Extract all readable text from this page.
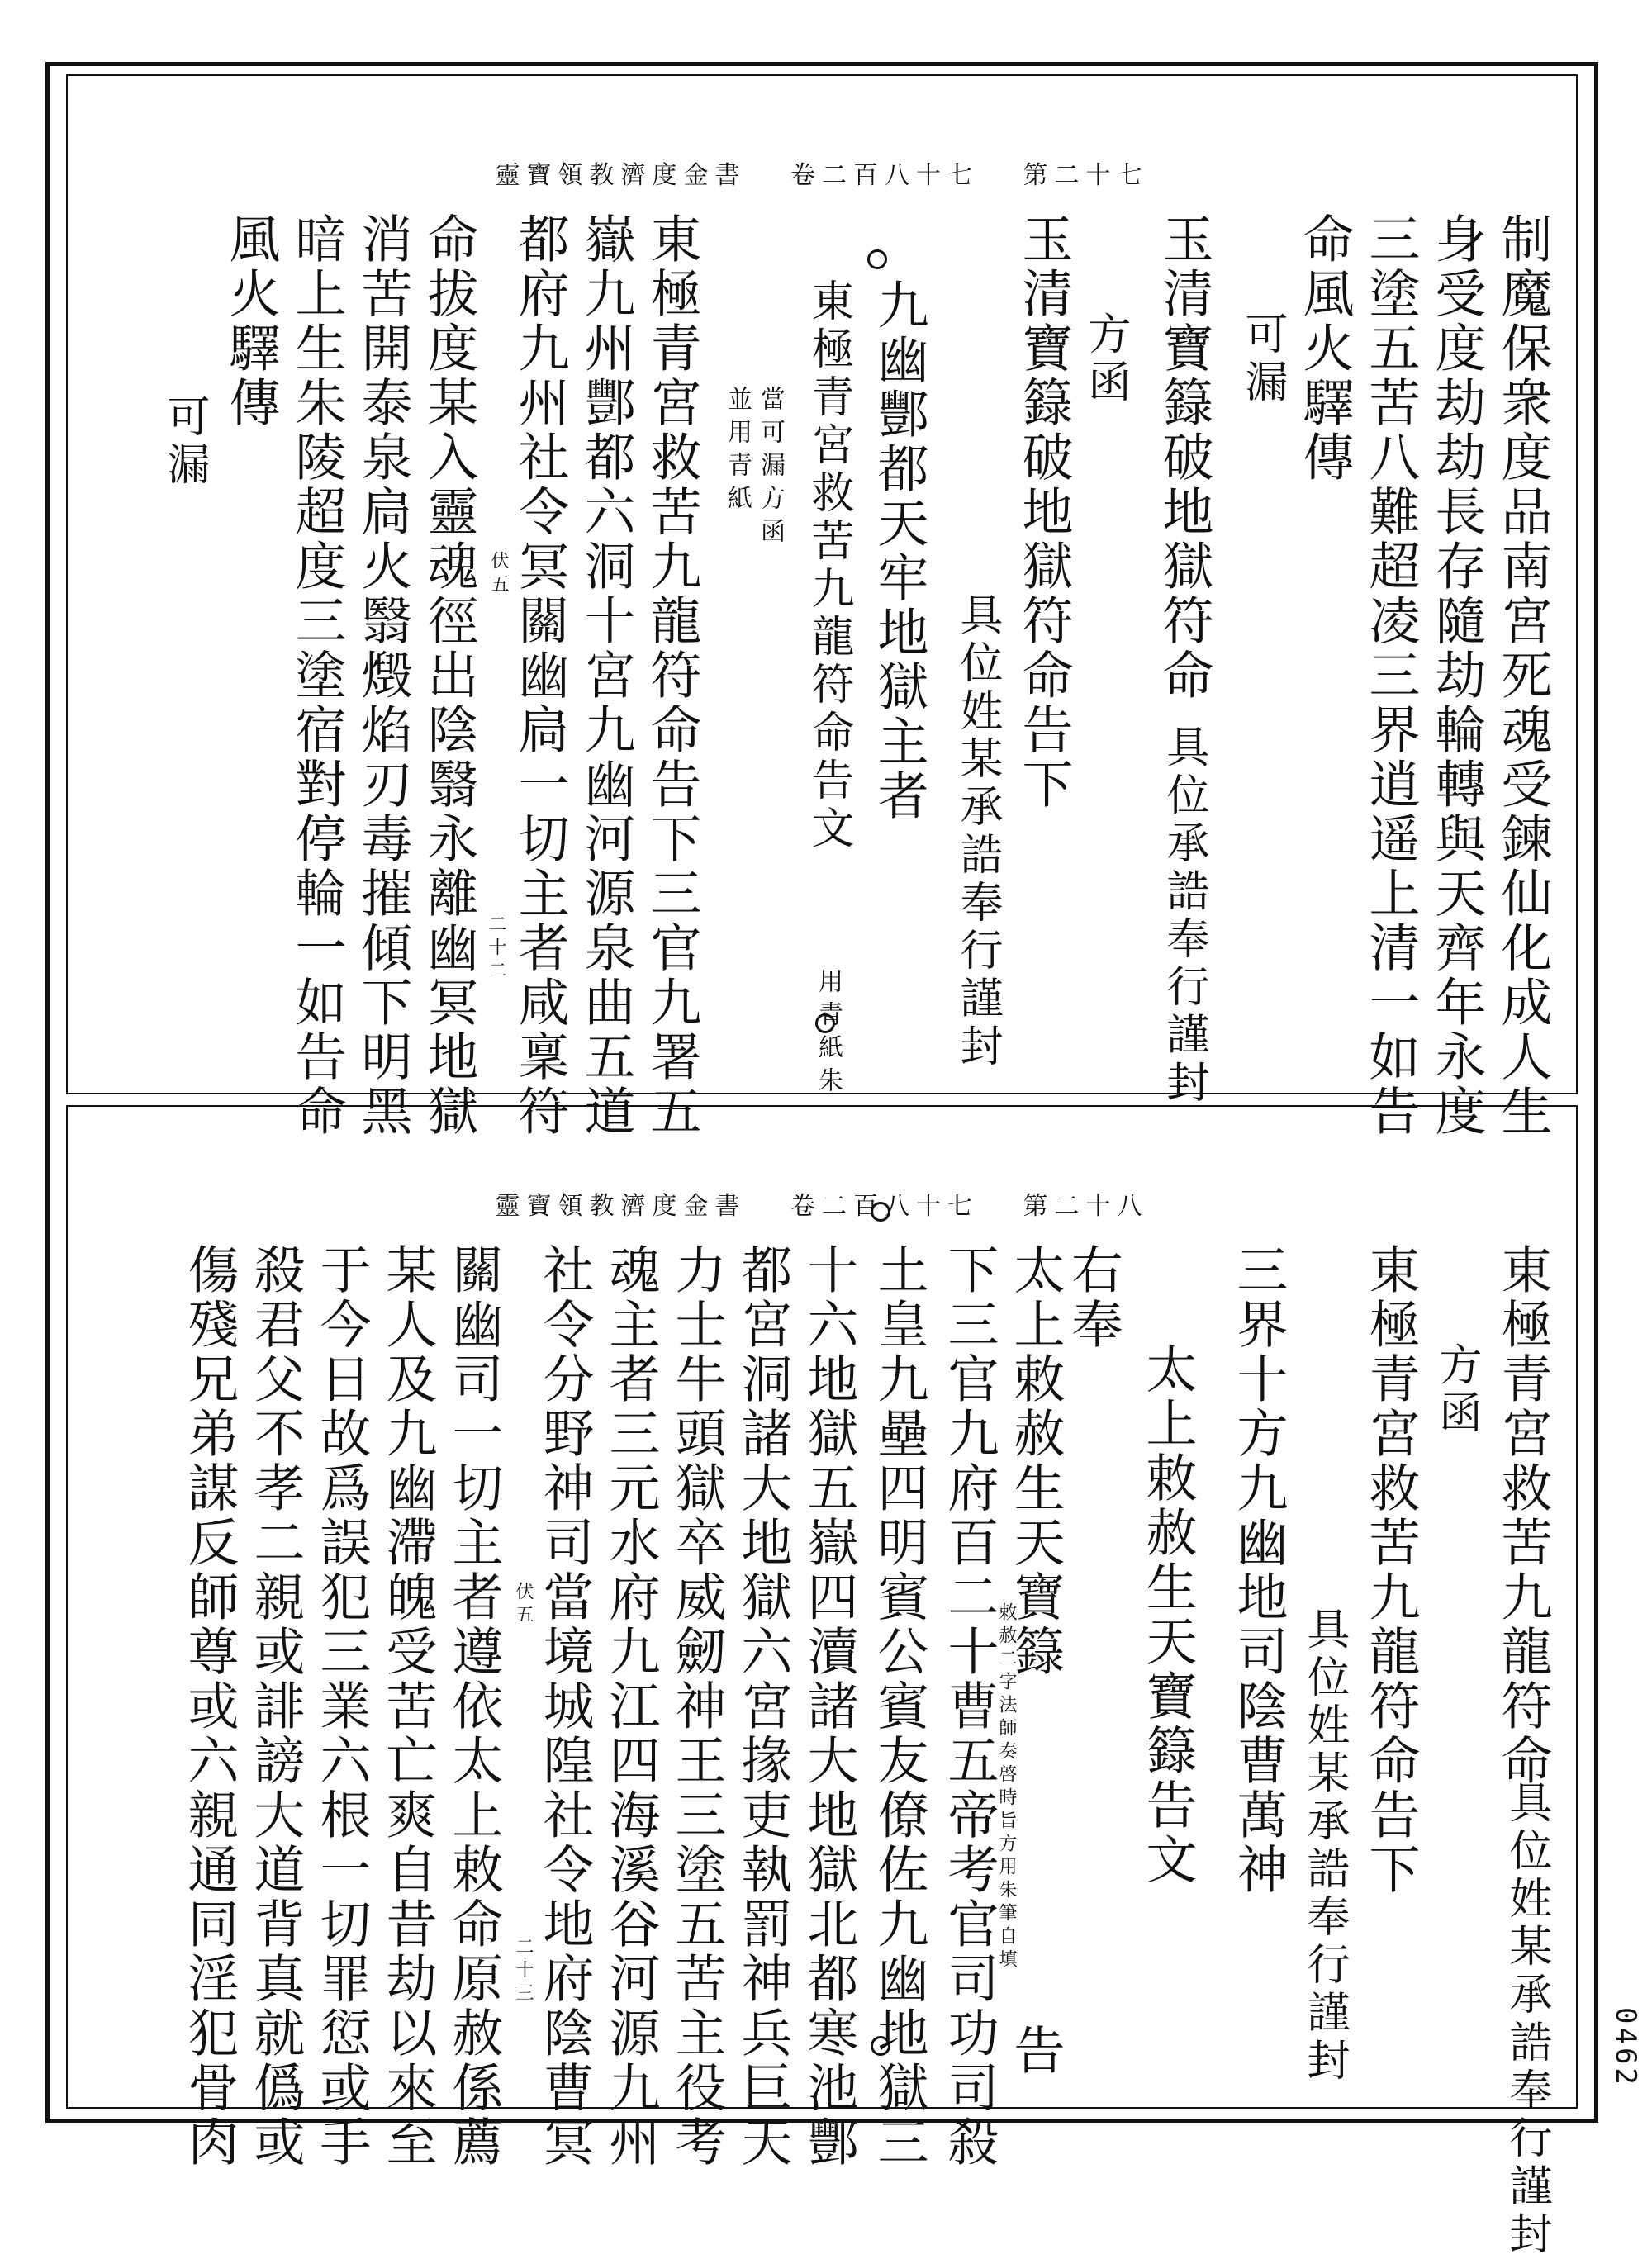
靈寶領教濟度金書 卷二百八十七 第二十七
制魔保衆度品南宮死魂受鍊仙化成人生
身受度劫劫長存隨劫輪轉與天齊年永度
三塗五苦八難超凌三界逍遥上清一如告
命風火驛傳
可漏
玉清寶籙破地獄符命
具位承誥奉行謹封
方函
玉清寶籙破地獄符命告下
具位姓某承誥奉行謹封
九幽酆都天牢地獄主者
東極青宮救苦九龍符命告文
用青紙朱
當可漏方函
並用青紙
東極青宮救苦九龍符命告下三官九署五
嶽九州酆都六洞十宮九幽河源泉曲五道
都府九州社令冥關幽扃一切主者咸稟符
伏五
二十二
命拔度某入靈魂徑出陰翳永離幽冥地獄
消苦開泰泉扃火翳燬焰刃毒摧傾下明黑
暗上生朱陵超度三塗宿對停輪一如告命
風火驛傳
可漏
靈寶領教濟度金書 卷二百八十七 第二十八
東極青宮救苦九龍符命
具位姓某承誥奉行謹封
方函
東極青宮救苦九龍符命告下
具位姓某承誥奉行謹封
三界十方九幽地司陰曹萬神
太上敕赦生天寶籙告文
右奉
太上敕赦生天寶籙
敕赦二字法師奏啓時旨方用朱筆自填
告
下三官九府百二十曹五帝考官司功司殺
土皇九壘四明賓公賓友僚佐九幽地獄三
十六地獄五嶽四瀆諸大地獄北都寒池酆
都宮洞諸大地獄六宮掾吏執罰神兵巨天
力士牛頭獄卒威劒神王三塗五苦主役考
魂主者三元水府九江四海溪谷河源九州
社令分野神司當境城隍社令地府陰曹冥
伏五
二十三
關幽司一切主者遵依太上敕命原赦係薦
某人及九幽滯魄受苦亡爽自昔劫以來至
于今日故爲誤犯三業六根一切罪愆或手
殺君父不孝二親或誹謗大道背真就僞或
傷殘兄弟謀反師尊或六親通同淫犯骨肉	0462
